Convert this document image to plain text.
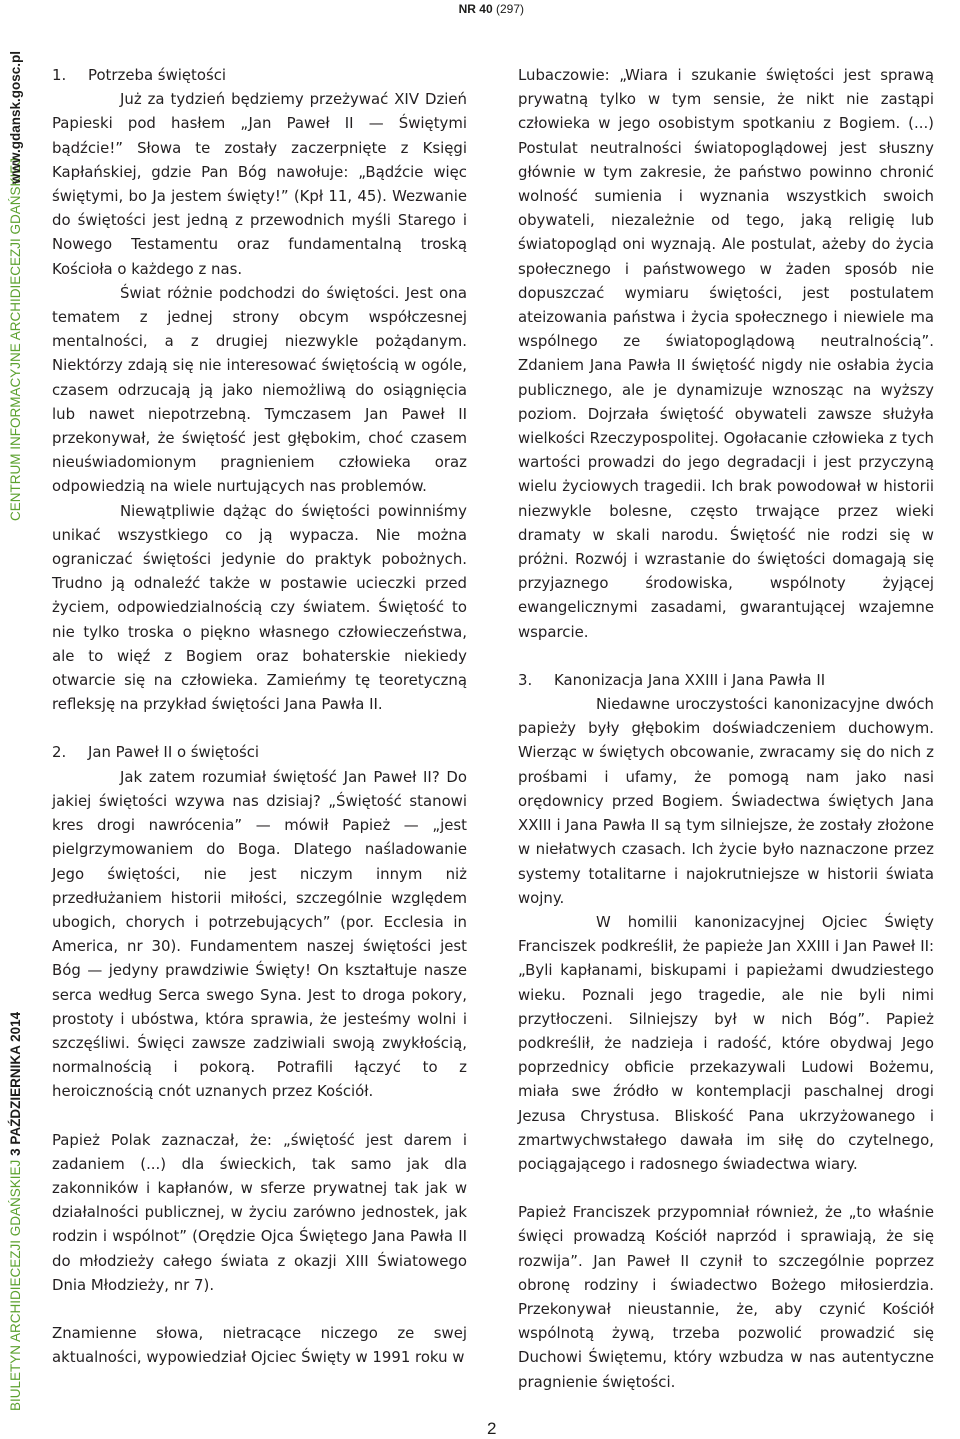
NR 40 (297)
BIULETYN ARCHIDIECEZJI GDAŃSKIEJ 3 PAŹDZIERNIKA 2014
CENTRUM INFORMACYJNE ARCHIDIECEZJI GDAŃSKIEJ
www.gdansk.gosc.pl 1. Potrzeba świętości

Już za tydzień będziemy przeżywać XIV Dzień Papieski pod hasłem „Jan Paweł II — Świętymi bądźcie!” Słowa te zostały zaczerpnięte z Księgi Kapłańskiej, gdzie Pan Bóg nawołuje: „Bądźcie więc świętymi, bo Ja jestem święty!” (Kpł 11, 45). Wezwanie do świętości jest jedną z przewodnich myśli Starego i Nowego Testamentu oraz fundamentalną troską Kościoła o każdego z nas.

Świat różnie podchodzi do świętości. Jest ona tematem z jednej strony obcym współczesnej mentalności, a z drugiej niezwykle pożądanym. Niektórzy zdają się nie interesować świętością w ogóle, czasem odrzucają ją jako niemożliwą do osiągnięcia lub nawet niepotrzebną. Tymczasem Jan Paweł II przekonywał, że świętość jest głębokim, choć czasem nieuświadomionym pragnieniem człowieka oraz odpowiedzią na wiele nurtujących nas problemów.

Niewątpliwie dążąc do świętości powinniśmy unikać wszystkiego co ją wypacza. Nie można ograniczać świętości jedynie do praktyk pobożnych. Trudno ją odnaleźć także w postawie ucieczki przed życiem, odpowiedzialnością czy światem. Świętość to nie tylko troska o piękno własnego człowieczeństwa, ale to więź z Bogiem oraz bohaterskie niekiedy otwarcie się na człowieka. Zamieńmy tę teoretyczną refleksję na przykład świętości Jana Pawła II.

2. Jan Paweł II o świętości

Jak zatem rozumiał świętość Jan Paweł II? Do jakiej świętości wzywa nas dzisiaj? „Świętość stanowi kres drogi nawrócenia” — mówił Papież — „jest pielgrzymowaniem do Boga. Dlatego naśladowanie Jego świętości, nie jest niczym innym niż przedłużaniem historii miłości, szczególnie względem ubogich, chorych i potrzebujących” (por. Ecclesia in America, nr 30). Fundamentem naszej świętości jest Bóg — jedyny prawdziwie Święty! On kształtuje nasze serca według Serca swego Syna. Jest to droga pokory, prostoty i ubóstwa, która sprawia, że jesteśmy wolni i szczęśliwi. Święci zawsze zadziwiali swoją zwykłością, normalnością i pokorą. Potrafili łączyć to z heroicznością cnót uznanych przez Kościół.

Papież Polak zaznaczał, że: „świętość jest darem i zadaniem (...) dla świeckich, tak samo jak dla zakonników i kapłanów, w sferze prywatnej tak jak w działalności publicznej, w życiu zarówno jednostek, jak rodzin i wspólnot” (Orędzie Ojca Świętego Jana Pawła II do młodzieży całego świata z okazji XIII Światowego Dnia Młodzieży, nr 7).

Znamienne słowa, nietracące niczego ze swej aktualności, wypowiedział Ojciec Święty w 1991 roku w

Lubaczowie: „Wiara i szukanie świętości jest sprawą prywatną tylko w tym sensie, że nikt nie zastąpi człowieka w jego osobistym spotkaniu z Bogiem. (...) Postulat neutralności światopoglądowej jest słuszny głównie w tym zakresie, że państwo powinno chronić wolność sumienia i wyznania wszystkich swoich obywateli, niezależnie od tego, jaką religię lub światopogląd oni wyznają. Ale postulat, ażeby do życia społecznego i państwowego w żaden sposób nie dopuszczać wymiaru świętości, jest postulatem ateizowania państwa i życia społecznego i niewiele ma wspólnego ze światopoglądową neutralnością”. Zdaniem Jana Pawła II świętość nigdy nie osłabia życia publicznego, ale je dynamizuje wznosząc na wyższy poziom. Dojrzała świętość obywateli zawsze służyła wielkości Rzeczypospolitej. Ogołacanie człowieka z tych wartości prowadzi do jego degradacji i jest przyczyną wielu życiowych tragedii. Ich brak powodował w historii niezwykle bolesne, często trwające przez wieki dramaty w skali narodu. Świętość nie rodzi się w próżni. Rozwój i wzrastanie do świętości domagają się przyjaznego środowiska, wspólnoty żyjącej ewangelicznymi zasadami, gwarantującej wzajemne wsparcie.

3. Kanonizacja Jana XXIII i Jana Pawła II

Niedawne uroczystości kanonizacyjne dwóch papieży były głębokim doświadczeniem duchowym. Wierząc w świętych obcowanie, zwracamy się do nich z prośbami i ufamy, że pomogą nam jako nasi orędownicy przed Bogiem. Świadectwa świętych Jana XXIII i Jana Pawła II są tym silniejsze, że zostały złożone w niełatwych czasach. Ich życie było naznaczone przez systemy totalitarne i najokrutniejsze w historii świata wojny.

W homilii kanonizacyjnej Ojciec Święty Franciszek podkreślił, że papieże Jan XXIII i Jan Paweł II: „Byli kapłanami, biskupami i papieżami dwudziestego wieku. Poznali jego tragedie, ale nie byli nimi przytłoczeni. Silniejszy był w nich Bóg”. Papież podkreślił, że nadzieja i radość, które obydwaj Jego poprzednicy obficie przekazywali Ludowi Bożemu, miała swe źródło w kontemplacji paschalnej drogi Jezusa Chrystusa. Bliskość Pana ukrzyżowanego i zmartwychwstałego dawała im siłę do czytelnego, pociągającego i radosnego świadectwa wiary.

Papież Franciszek przypomniał również, że „to właśnie święci prowadzą Kościół naprzód i sprawiają, że się rozwija”. Jan Paweł II czynił to szczególnie poprzez obronę rodziny i świadectwo Bożego miłosierdzia. Przekonywał nieustannie, że, aby czynić Kościół wspólnotą żywą, trzeba pozwolić prowadzić się Duchowi Świętemu, który wzbudza w nas autentyczne pragnienie świętości.

2
